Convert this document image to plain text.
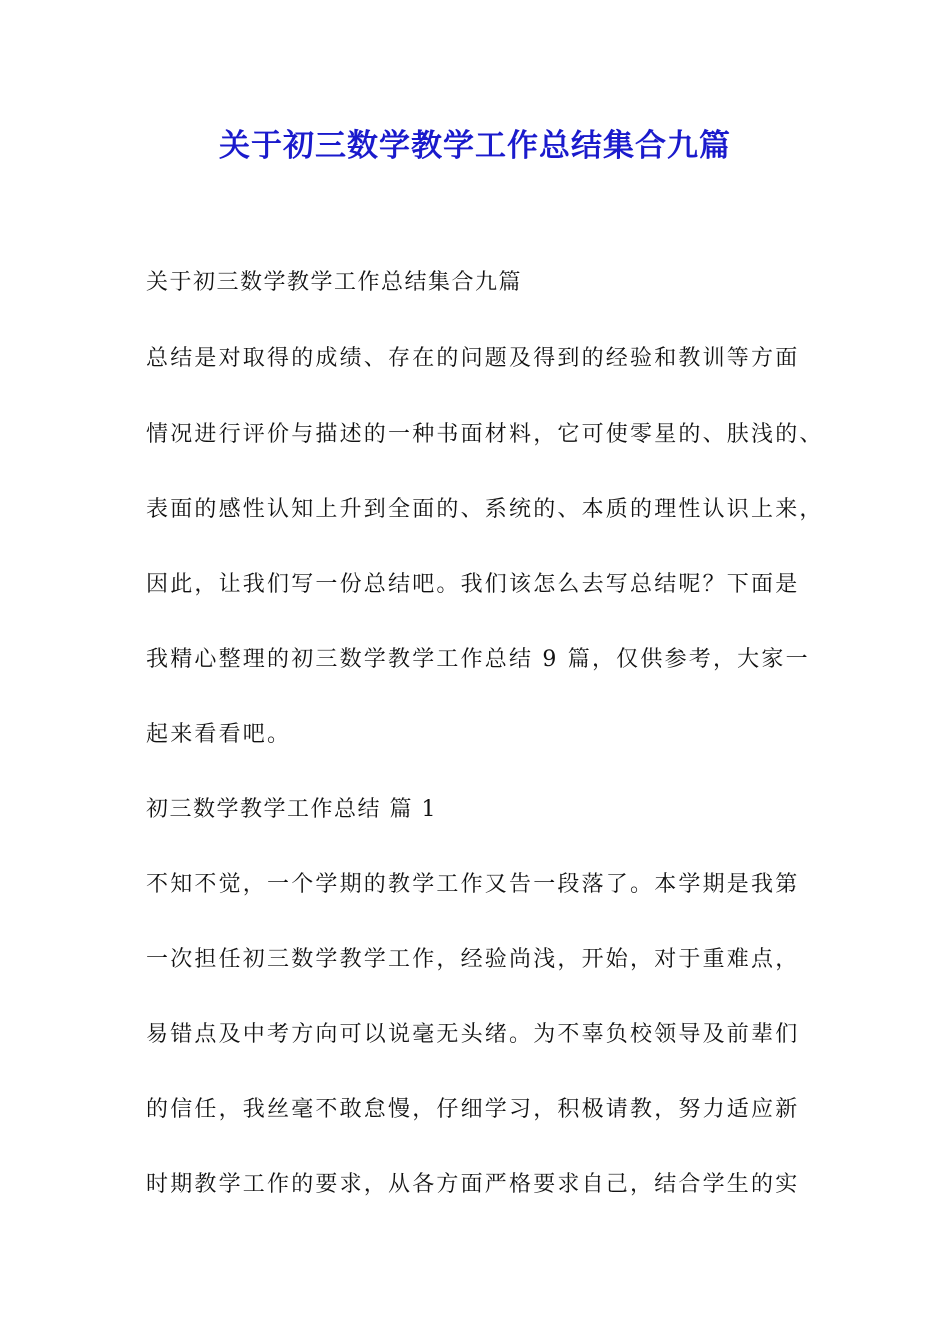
关于初三数学教学工作总结集合九篇
关于初三数学教学工作总结集合九篇
总结是对取得的成绩、存在的问题及得到的经验和教训等方面
情况进行评价与描述的一种书面材料，它可使零星的、肤浅的、
表面的感性认知上升到全面的、系统的、本质的理性认识上来，
因此，让我们写一份总结吧。我们该怎么去写总结呢？下面是
我精心整理的初三数学教学工作总结 9 篇，仅供参考，大家一
起来看看吧。
初三数学教学工作总结 篇 1
不知不觉，一个学期的教学工作又告一段落了。本学期是我第
一次担任初三数学教学工作，经验尚浅，开始，对于重难点，
易错点及中考方向可以说毫无头绪。为不辜负校领导及前辈们
的信任，我丝毫不敢怠慢，仔细学习，积极请教，努力适应新
时期教学工作的要求，从各方面严格要求自己，结合学生的实
